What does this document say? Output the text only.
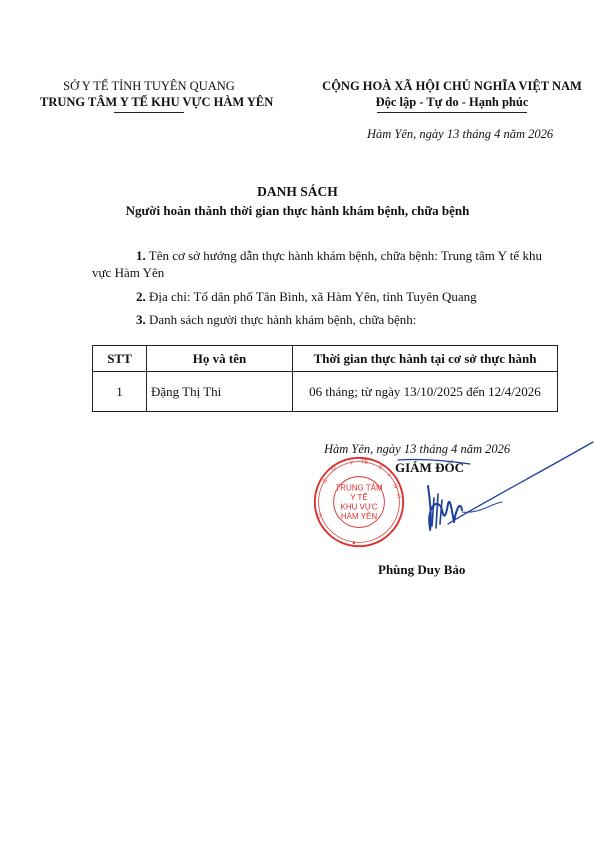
SỞ Y TẾ TỈNH TUYÊN QUANG
TRUNG TÂM Y TẾ KHU VỰC HÀM YÊN
CỘNG HOÀ XÃ HỘI CHỦ NGHĨA VIỆT NAM
Độc lập - Tự do - Hạnh phúc
Hàm Yên, ngày 13 tháng 4 năm 2026
DANH SÁCH
Người hoàn thành thời gian thực hành khám bệnh, chữa bệnh
1. Tên cơ sở hướng dẫn thực hành khám bệnh, chữa bệnh: Trung tâm Y tế khu vực Hàm Yên
2. Địa chỉ: Tổ dân phố Tân Bình, xã Hàm Yên, tỉnh Tuyên Quang
3. Danh sách người thực hành khám bệnh, chữa bệnh:
STT	Họ và tên	Thời gian thực hành tại cơ sở thực hành
1	Đặng Thị Thi	06 tháng; từ ngày 13/10/2025 đến 12/4/2026
Hàm Yên, ngày 13 tháng 4 năm 2026
GIÁM ĐỐC
TRUNG TÂM
Y TẾ
KHU VỰC
HÀM YÊN
S
Ở
Y TẾ
T
Ỉ
N
H
Q
★
Phùng Duy Bảo
